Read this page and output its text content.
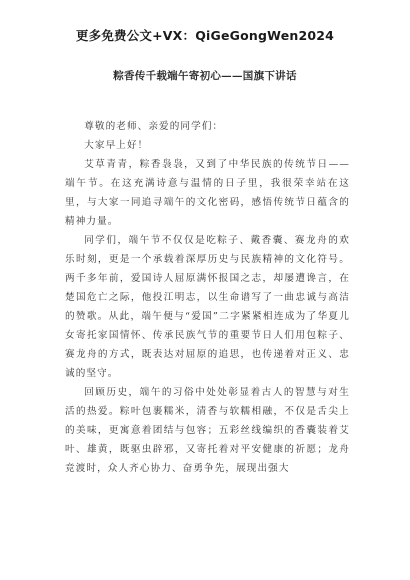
更多免费公文+VX：QiGeGongWen2024
粽香传千载端午寄初心——国旗下讲话

尊敬的老师、亲爱的同学们：

大家早上好！

艾草青青，粽香袅袅，又到了中华民族的传统节日——端午节。在这充满诗意与温情的日子里，我很荣幸站在这里，与大家一同追寻端午的文化密码，感悟传统节日蕴含的精神力量。

同学们，端午节不仅仅是吃粽子、戴香囊、赛龙舟的欢乐时刻，更是一个承载着深厚历史与民族精神的文化符号。两千多年前，爱国诗人屈原满怀报国之志，却屡遭谗言，在楚国危亡之际，他投江明志，以生命谱写了一曲忠诚与高洁的赞歌。从此，端午便与“爱国”二字紧紧相连成为了华夏儿女寄托家国情怀、传承民族气节的重要节日人们用包粽子、赛龙舟的方式，既表达对屈原的追思，也传递着对正义、忠诚的坚守。

回顾历史，端午的习俗中处处彰显着古人的智慧与对生活的热爱。粽叶包裹糯米，清香与软糯相融，不仅是舌尖上的美味，更寓意着团结与包容；五彩丝线编织的香囊装着艾叶、雄黄，既驱虫辟邪，又寄托着对平安健康的祈愿；龙舟竞渡时，众人齐心协力、奋勇争先，展现出强大
